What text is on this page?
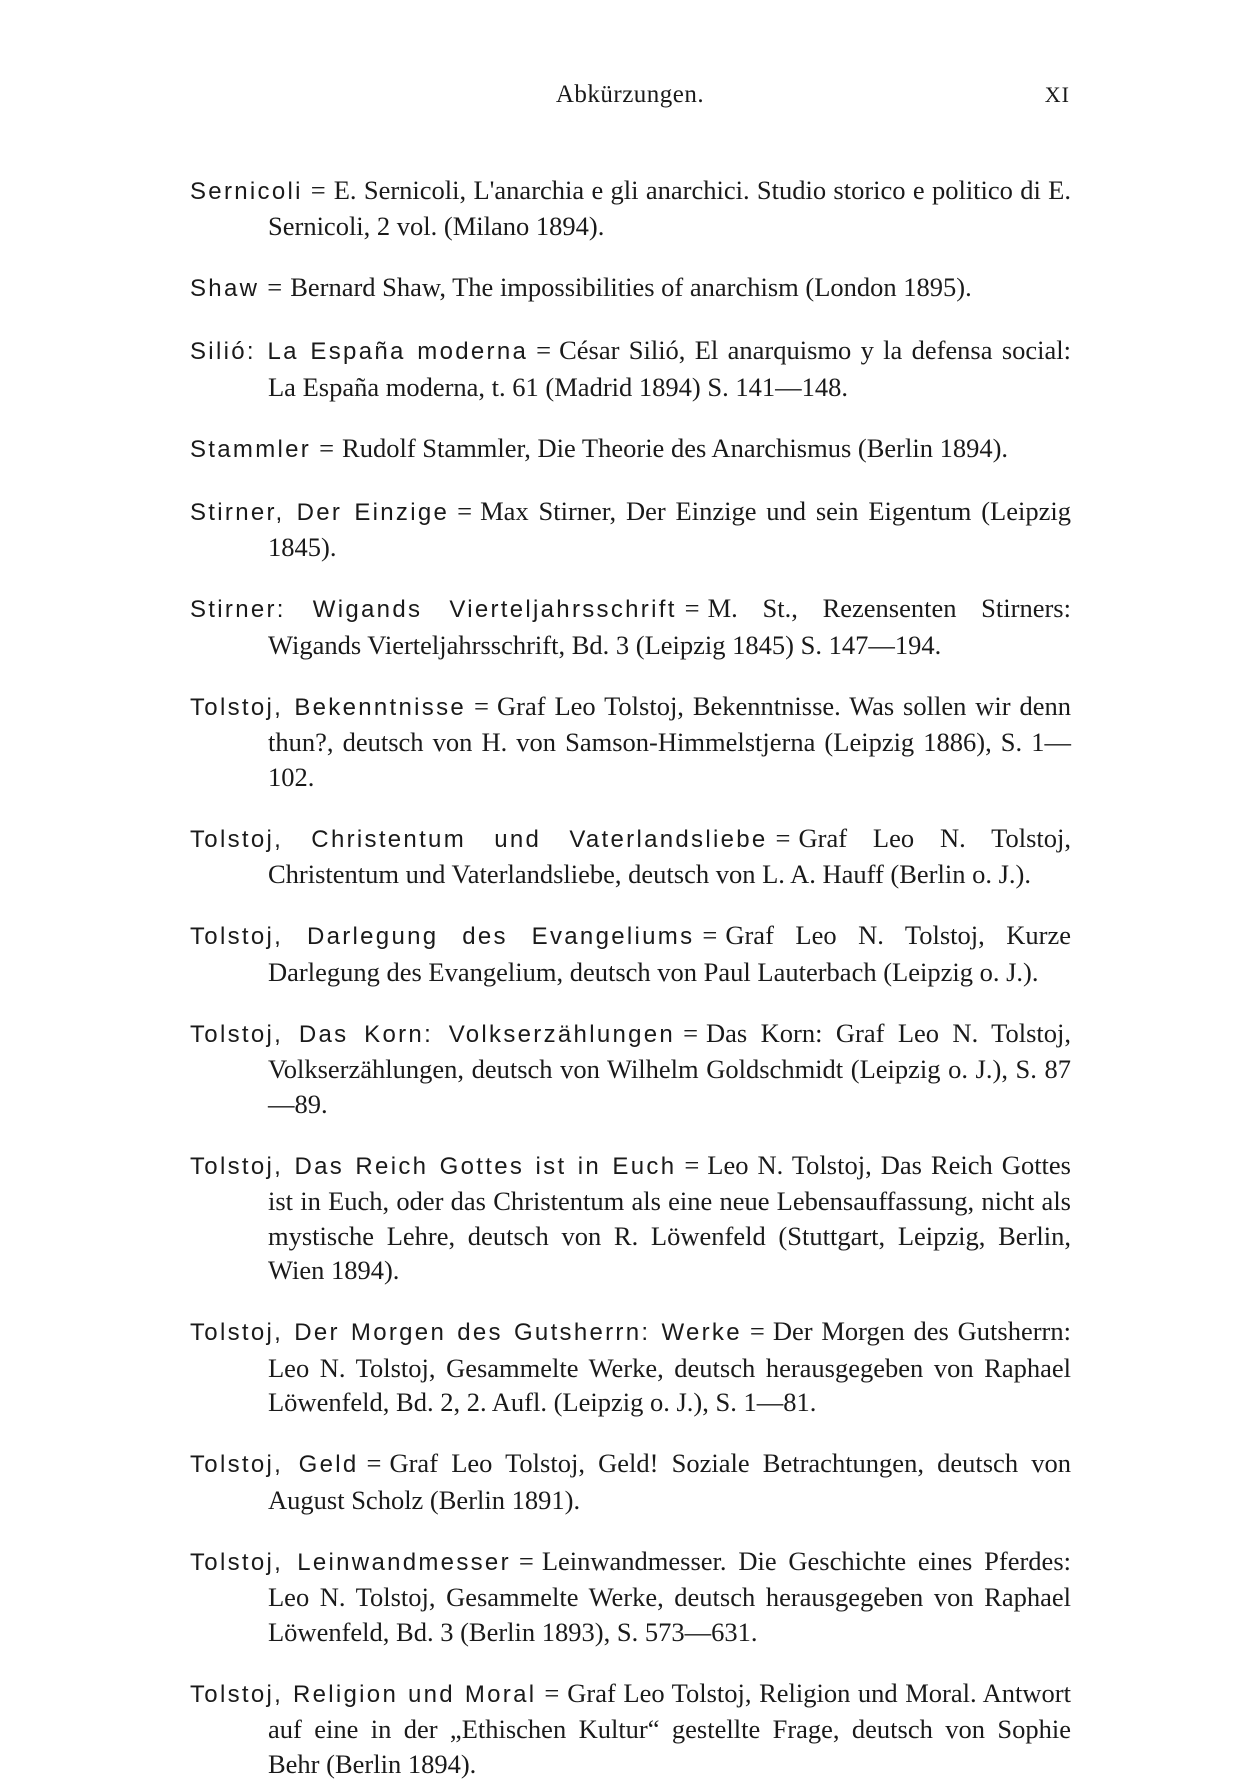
Abkürzungen.	XI

Sernicoli = E. Sernicoli, L'anarchia e gli anarchici. Studio storico e politico di E. Sernicoli, 2 vol. (Milano 1894).

Shaw = Bernard Shaw, The impossibilities of anarchism (London 1895).

Silió: La España moderna = César Silió, El anarquismo y la defensa social: La España moderna, t. 61 (Madrid 1894) S. 141—148.

Stammler = Rudolf Stammler, Die Theorie des Anarchismus (Berlin 1894).

Stirner, Der Einzige = Max Stirner, Der Einzige und sein Eigentum (Leipzig 1845).

Stirner: Wigands Vierteljahrsschrift = M. St., Rezensenten Stirners: Wigands Vierteljahrsschrift, Bd. 3 (Leipzig 1845) S. 147—194.

Tolstoj, Bekenntnisse = Graf Leo Tolstoj, Bekenntnisse. Was sollen wir denn thun?, deutsch von H. von Samson-Himmelstjerna (Leipzig 1886), S. 1—102.

Tolstoj, Christentum und Vaterlandsliebe = Graf Leo N. Tolstoj, Christentum und Vaterlandsliebe, deutsch von L. A. Hauff (Berlin o. J.).

Tolstoj, Darlegung des Evangeliums = Graf Leo N. Tolstoj, Kurze Darlegung des Evangelium, deutsch von Paul Lauterbach (Leipzig o. J.).

Tolstoj, Das Korn: Volkserzählungen = Das Korn: Graf Leo N. Tolstoj, Volkserzählungen, deutsch von Wilhelm Goldschmidt (Leipzig o. J.), S. 87—89.

Tolstoj, Das Reich Gottes ist in Euch = Leo N. Tolstoj, Das Reich Gottes ist in Euch, oder das Christentum als eine neue Lebensauffassung, nicht als mystische Lehre, deutsch von R. Löwenfeld (Stuttgart, Leipzig, Berlin, Wien 1894).

Tolstoj, Der Morgen des Gutsherrn: Werke = Der Morgen des Gutsherrn: Leo N. Tolstoj, Gesammelte Werke, deutsch herausgegeben von Raphael Löwenfeld, Bd. 2, 2. Aufl. (Leipzig o. J.), S. 1—81.

Tolstoj, Geld = Graf Leo Tolstoj, Geld! Soziale Betrachtungen, deutsch von August Scholz (Berlin 1891).

Tolstoj, Leinwandmesser = Leinwandmesser. Die Geschichte eines Pferdes: Leo N. Tolstoj, Gesammelte Werke, deutsch herausgegeben von Raphael Löwenfeld, Bd. 3 (Berlin 1893), S. 573—631.

Tolstoj, Religion und Moral = Graf Leo Tolstoj, Religion und Moral. Antwort auf eine in der „Ethischen Kultur“ gestellte Frage, deutsch von Sophie Behr (Berlin 1894).
